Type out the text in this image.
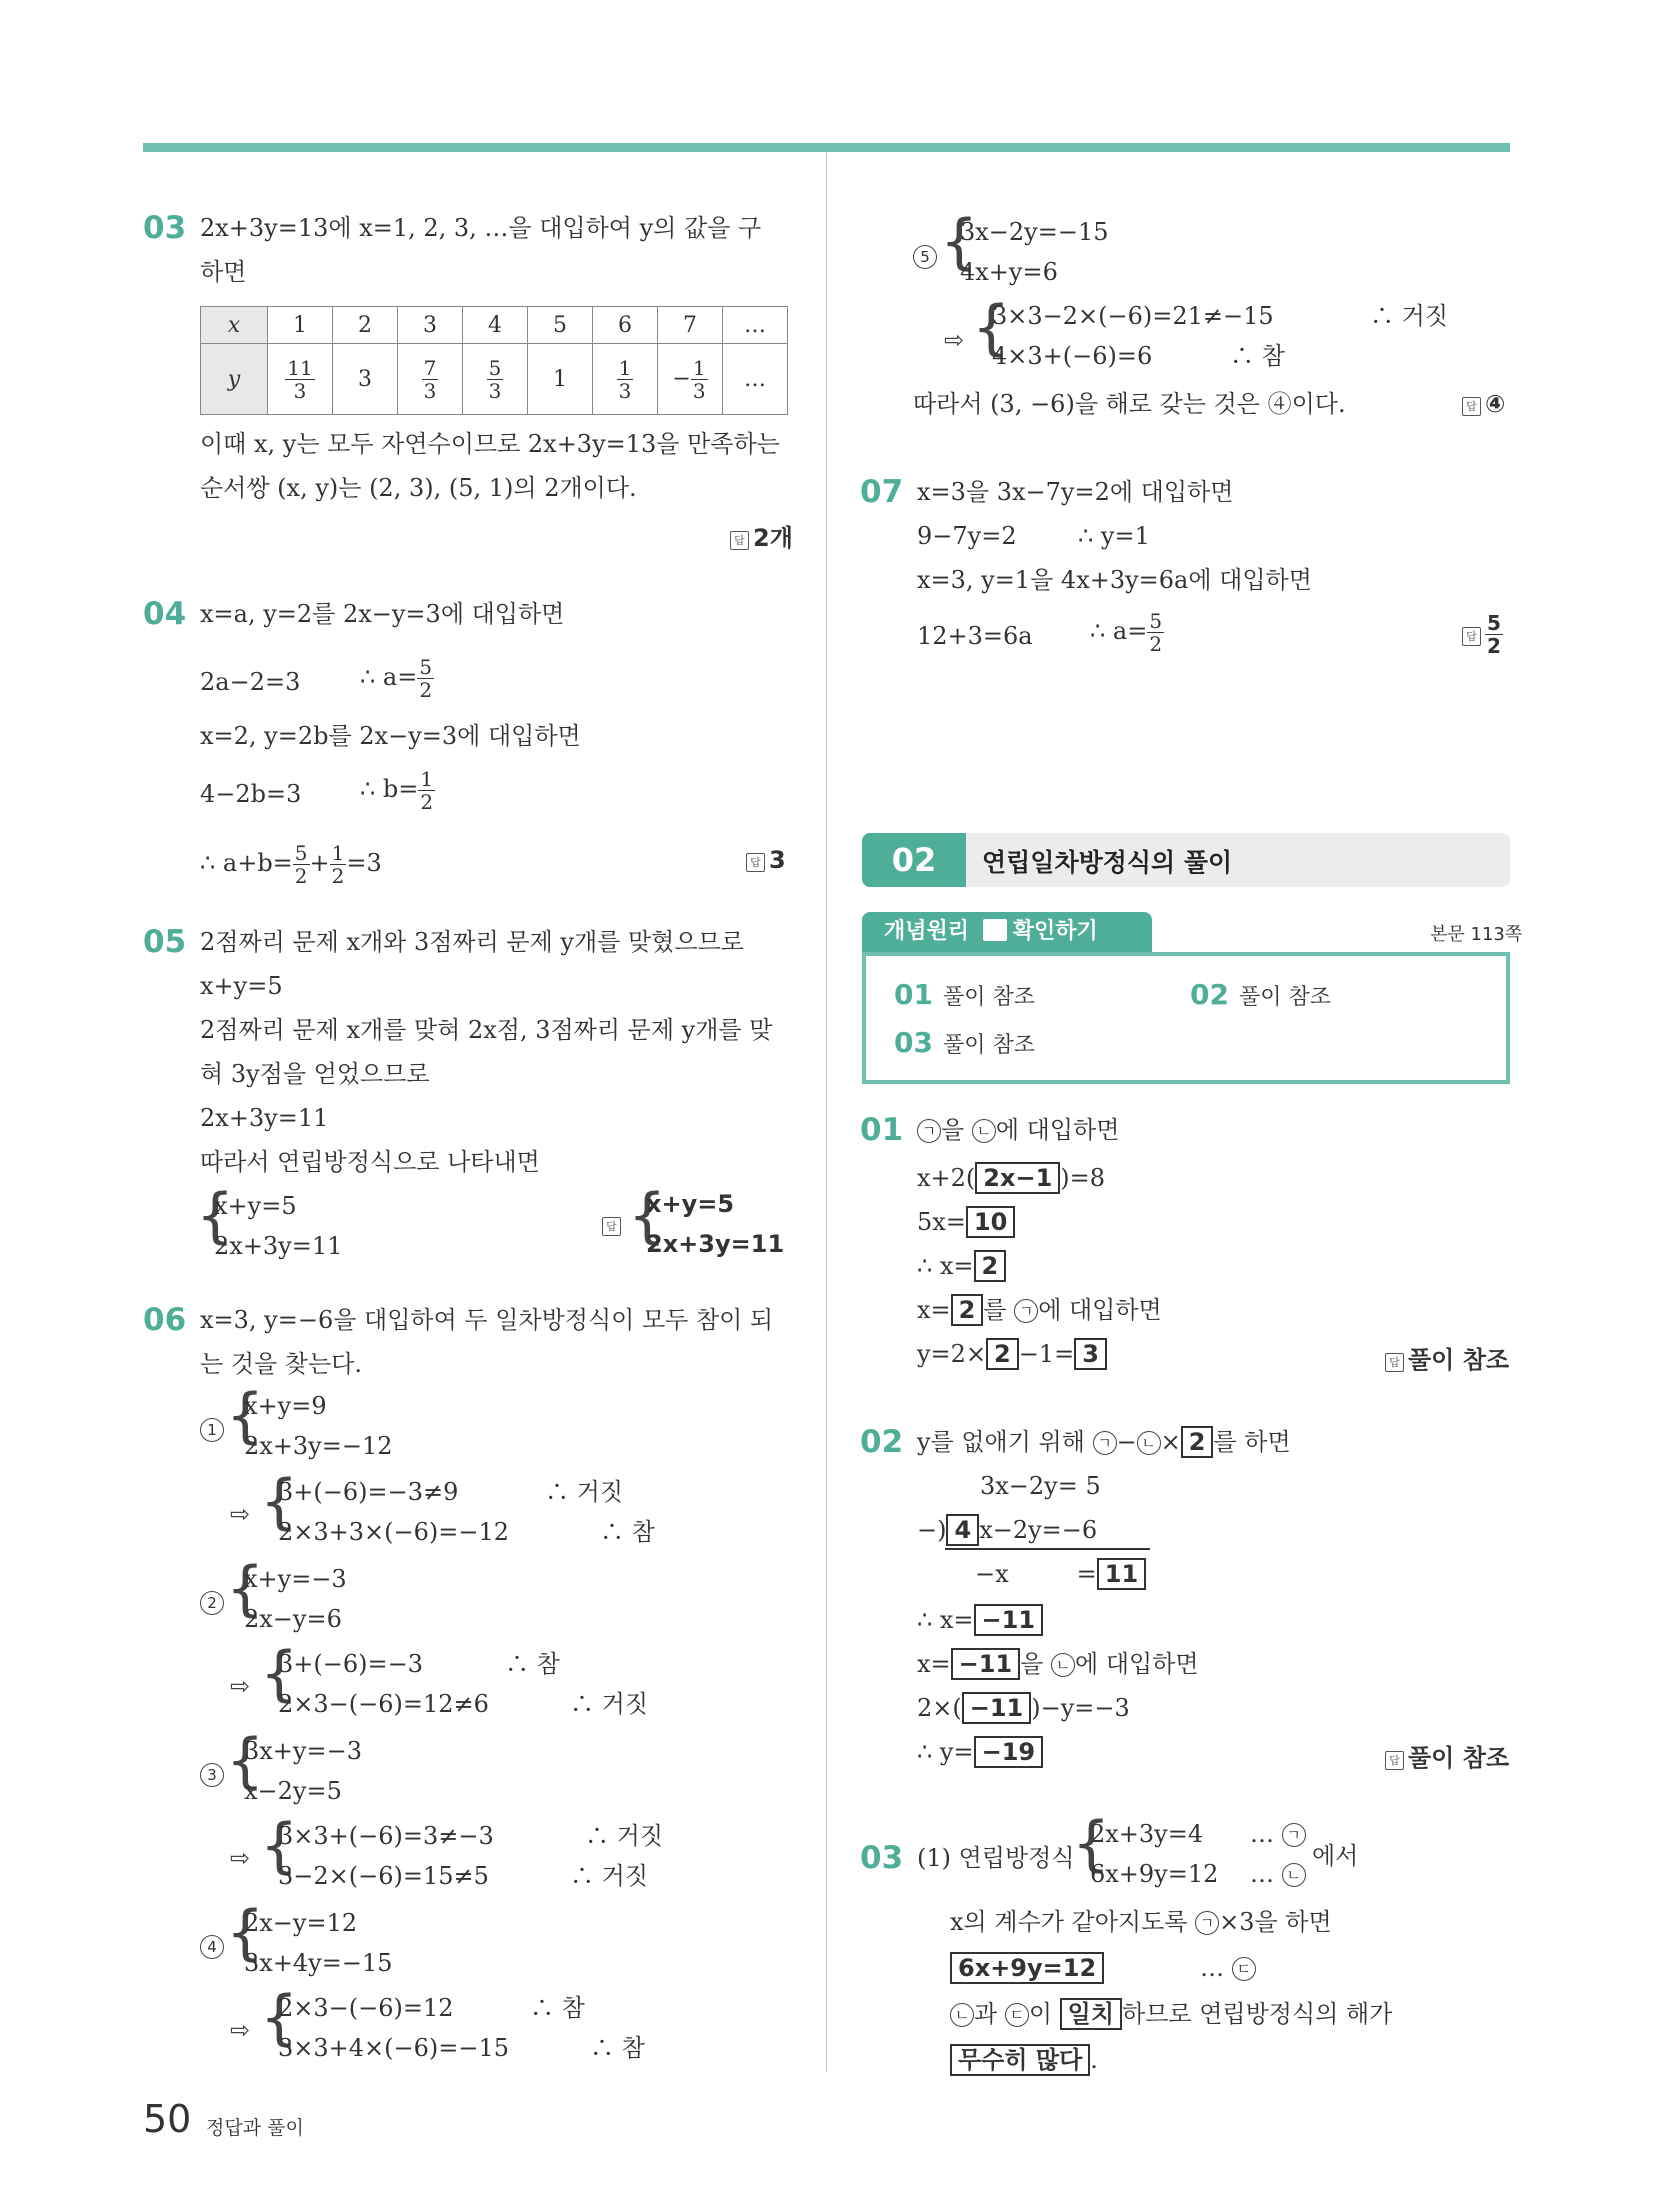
03 2x+3y=13에 x=1, 2, 3, …을 대입하여 y의 값을 구
하면
x	1	2	3	4	5	6	7	…
y	$\frac{11}{3}$	3	$\frac{7}{3}$	$\frac{5}{3}$	1	$\frac{1}{3}$	− $\frac{1}{3}$	…
이때 x, y는 모두 자연수이므로 2x+3y=13을 만족하는
순서쌍 (x, y)는 (2, 3), (5, 1)의 2개이다.
답 2개
04 x=a, y=2를 2x−y=3에 대입하면
2a−2=3 ∴ $a= \frac{5}{2}$
x=2, y=2b를 2x−y=3에 대입하면
4−2b=3 ∴ $b= \frac{1}{2}$
∴ $a+b= \frac{5}{2} + \frac{1}{2} =3$	답 3
05 2점짜리 문제 x개와 3점짜리 문제 y개를 맞혔으므로
x+y=5
2점짜리 문제 x개를 맞혀 2x점, 3점짜리 문제 y개를 맞
혀 3y점을 얻었으므로
2x+3y=11
따라서 연립방정식으로 나타내면
{
x+y=5
2x+3y=11
답 {
x+y=5
2x+3y=11
06 x=3, y=−6을 대입하여 두 일차방정식이 모두 참이 되
는 것을 찾는다.
1 {
x+y=9
2x+3y=−12
⇨ {
3+(−6)=−3≠9	∴ 거짓
2×3+3×(−6)=−12	∴ 참
2 {
x+y=−3
2x−y=6
⇨ {
3+(−6)=−3	∴ 참
2×3−(−6)=12≠6	∴ 거짓
3 {
3x+y=−3
x−2y=5
⇨ {
3×3+(−6)=3≠−3	∴ 거짓
3−2×(−6)=15≠5	∴ 거짓
4 {
2x−y=12
3x+4y=−15
⇨ {
2×3−(−6)=12	∴ 참
3×3+4×(−6)=−15	∴ 참
50 정답과 풀이
5 {
3x−2y=−15
4x+y=6
⇨ {
3×3−2×(−6)=21≠−15	∴ 거짓
4×3+(−6)=6	∴ 참
따라서 (3, −6)을 해로 갖는 것은 ④이다.	답 ④
07 x=3을 3x−7y=2에 대입하면
9−7y=2	∴ y=1
x=3, y=1을 4x+3y=6a에 대입하면
12+3=6a ∴ $a= \frac{5}{2}$	답 $\frac{5}{2}$
02	연립일차방정식의 풀이
개념원리 확인하기	본문 113쪽
01 풀이 참조	02 풀이 참조
03 풀이 참조
01	ㄱ 을 ㄴ 에 대입하면
x+2( 2x−1 )=8
5x= 10
∴ x= 2
x= 2 를 ㄱ 에 대입하면
y=2× 2 −1= 3	답 풀이 참조
02 y를 없애기 위해 ㄱ − ㄴ × 2 를 하면
3x−2y= 5
−) 4 x−2y=−6
−x	= 11
∴ x= −11
x= −11 을 ㄴ 에 대입하면
2×( −11 )−y=−3
∴ y= −19	답 풀이 참조
03 (1) 연립방정식
{
2x+3y=4
6x+9y=12
… ㄱ
… ㄴ
에서
x의 계수가 같아지도록 ㄱ ×3을 하면
6x+9y=12	… ㄷ
ㄴ 과 ㄷ 이 일치 하므로 연립방정식의 해가
무수히 많다 .
